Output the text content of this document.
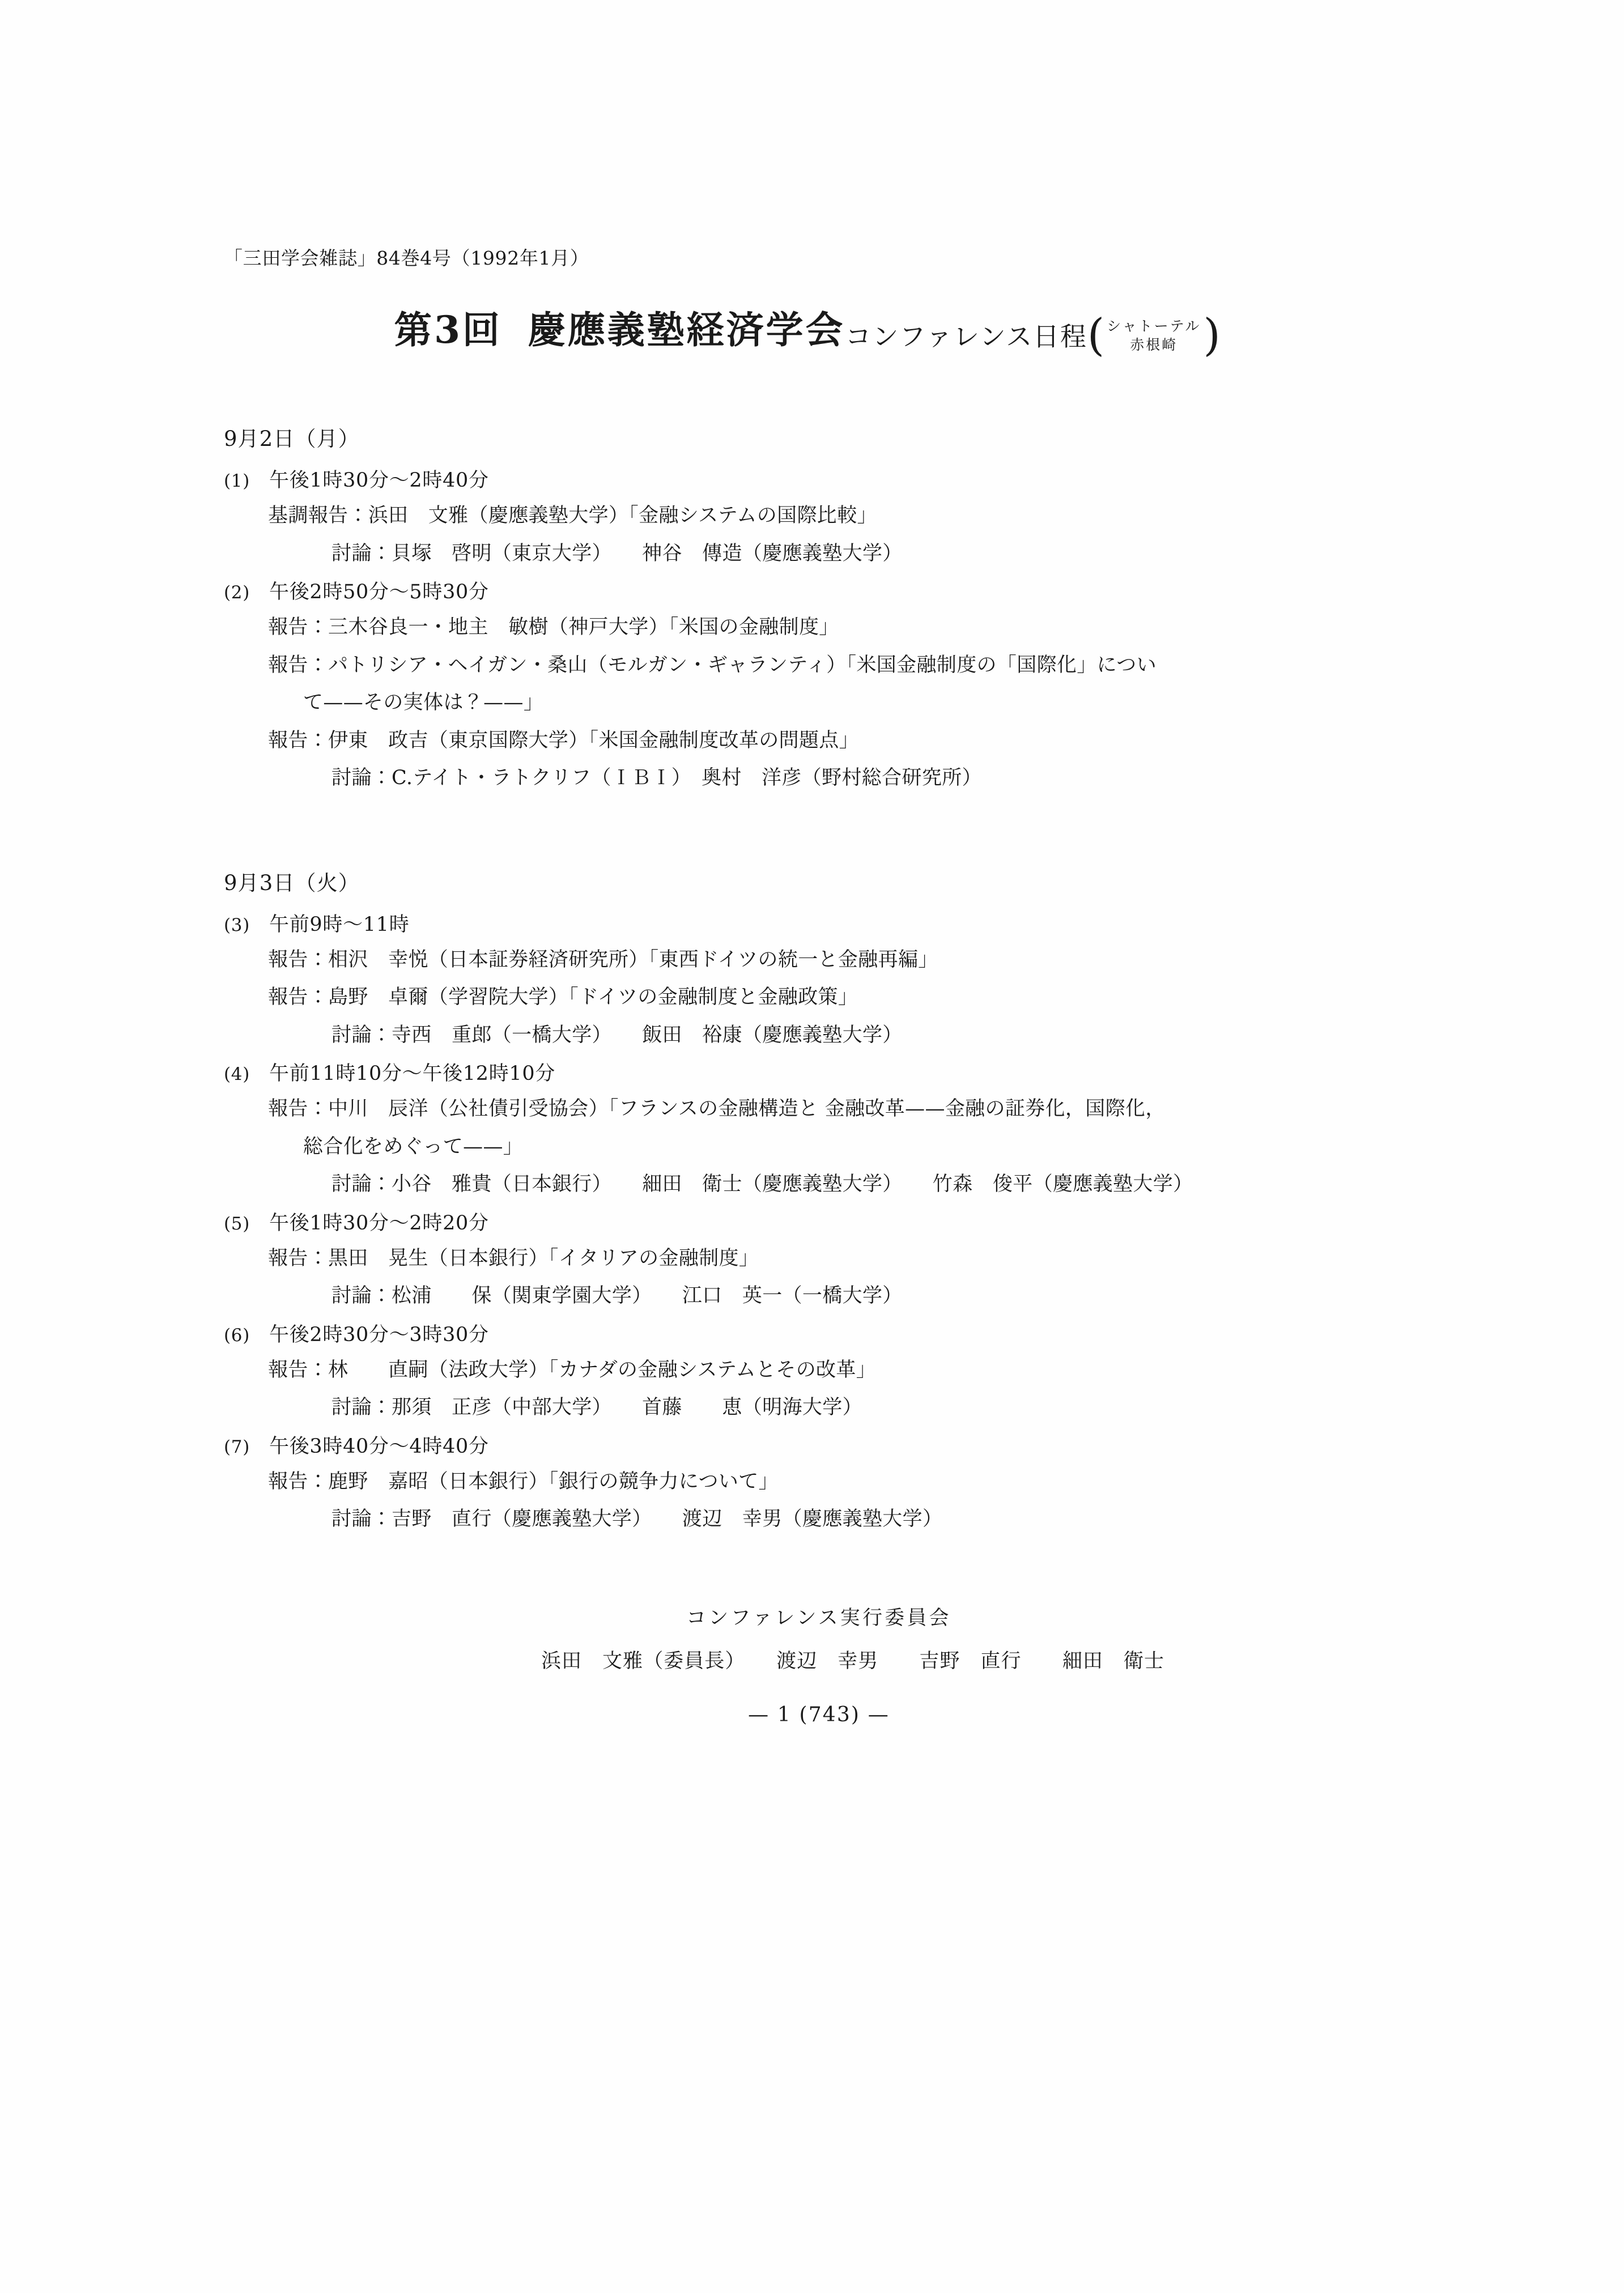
「三田学会雑誌」84巻4号（1992年1月）
第3回 慶應義塾経済学会 コンファレンス日程 ( シャトーテル
赤根崎 )
9月2日（月）
(1) 午後1時30分〜2時40分
基調報告：浜田　文雅（慶應義塾大学）「金融システムの国際比較」
討論：貝塚　啓明（東京大学）　　神谷　傳造（慶應義塾大学）
(2) 午後2時50分〜5時30分
報告：三木谷良一・地主　敏樹（神戸大学）「米国の金融制度」
報告：パトリシア・ヘイガン・桑山（モルガン・ギャランティ）「米国金融制度の「国際化」につい
て——その実体は？——」
報告：伊東　政吉（東京国際大学）「米国金融制度改革の問題点」
討論：C.テイト・ラトクリフ（ＩＢＩ）　奥村　洋彦（野村総合研究所）
9月3日（火）
(3) 午前9時〜11時
報告：相沢　幸悦（日本証券経済研究所）「東西ドイツの統一と金融再編」
報告：島野　卓爾（学習院大学）「ドイツの金融制度と金融政策」
討論：寺西　重郎（一橋大学）　　飯田　裕康（慶應義塾大学）
(4) 午前11時10分〜午後12時10分
報告：中川　辰洋（公社債引受協会）「フランスの金融構造と 金融改革——金融の証券化，国際化，
総合化をめぐって——」
討論：小谷　雅貴（日本銀行）　　細田　衛士（慶應義塾大学）　　竹森　俊平（慶應義塾大学）
(5) 午後1時30分〜2時20分
報告：黒田　晃生（日本銀行）「イタリアの金融制度」
討論：松浦　　保（関東学園大学）　　江口　英一（一橋大学）
(6) 午後2時30分〜3時30分
報告：林　　直嗣（法政大学）「カナダの金融システムとその改革」
討論：那須　正彦（中部大学）　　首藤　　恵（明海大学）
(7) 午後3時40分〜4時40分
報告：鹿野　嘉昭（日本銀行）「銀行の競争力について」
討論：吉野　直行（慶應義塾大学）　　渡辺　幸男（慶應義塾大学）
コンファレンス実行委員会
浜田　文雅（委員長）　　渡辺　幸男　　吉野　直行　　細田　衛士
— 1 (743) —
